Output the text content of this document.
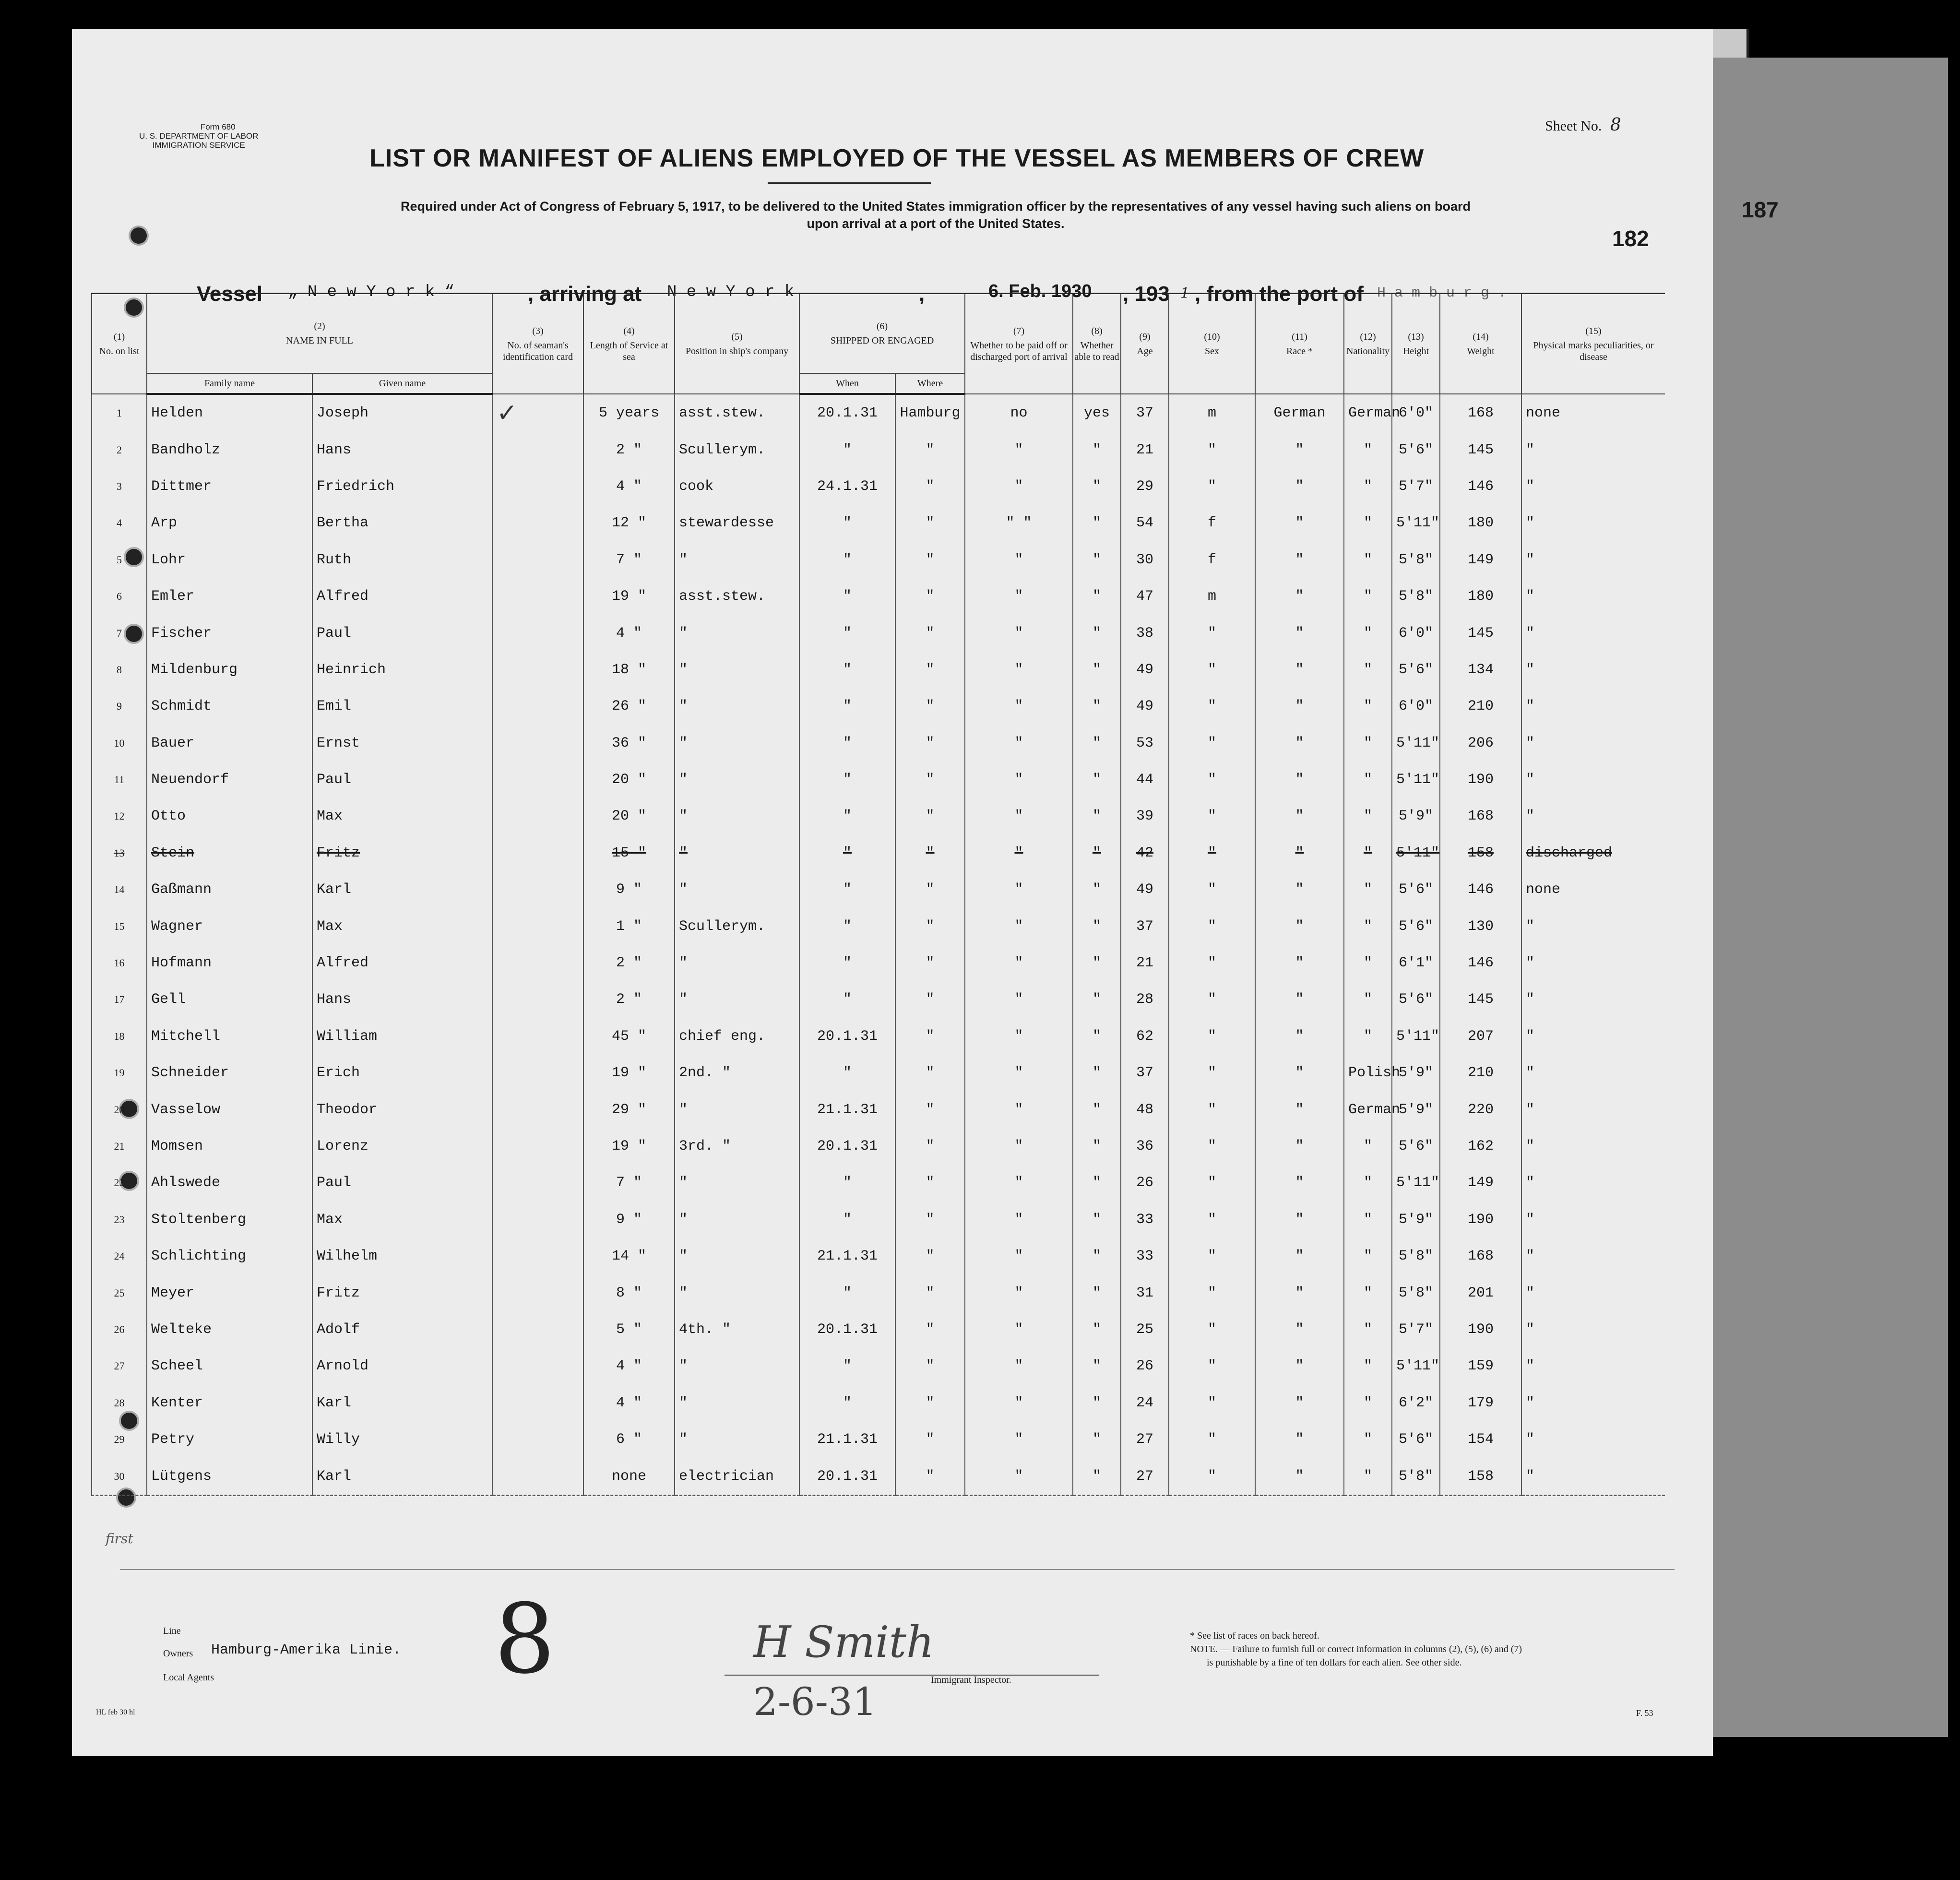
Form 680
U. S. DEPARTMENT OF LABOR
IMMIGRATION SERVICE
Sheet No. 8
LIST OR MANIFEST OF ALIENS EMPLOYED OF THE VESSEL AS MEMBERS OF CREW
Required under Act of Congress of February 5, 1917, to be delivered to the United States immigration officer by the representatives of any vessel having such aliens on board
upon arrival at a port of the United States.
182
187
Vessel „ N e w Y o r k “	, arriving at N e w Y o r k	,	6. Feb. 1930 , 193 1 , from the port of H a m b u r g .
first
Line
Owners Hamburg-Amerika Linie.
Local Agents	8	H Smith
Immigrant Inspector.
2-6-31
* See list of races on back hereof.
NOTE. — Failure to furnish full or correct information in columns (2), (5), (6) and (7)
is punishable by a fine of ten dollars for each alien. See other side.
HL feb 30 hl	F. 53
(1)
No. on list	(2)
NAME IN FULL		(3)
No. of seaman's identification card	(4)
Length of Service at sea	(5)
Position in ship's company	(6)
SHIPPED OR ENGAGED		(7)
Whether to be paid off or discharged port of arrival	(8)
Whether able to read	(9)
Age	(10)
Sex	(11)
Race *	(12)
Nationality	(13)
Height	(14)
Weight	(15)
Physical marks peculiarities, or disease
	Family name	Given name				When	Where									
1	Helden	Joseph	✓	5 years	asst.stew.	20.1.31	Hamburg	no	yes	37	m	German	German	6'0"	168	none
2	Bandholz	Hans		2 "	Scullerym.	"	"	"	"	21	"	"	"	5'6"	145	"
3	Dittmer	Friedrich		4 "	cook	24.1.31	"	"	"	29	"	"	"	5'7"	146	"
4	Arp	Bertha		12 "	stewardesse	"	"	" "	"	54	f	"	"	5'11"	180	"
5	Lohr	Ruth		7 "	"	"	"	"	"	30	f	"	"	5'8"	149	"
6	Emler	Alfred		19 "	asst.stew.	"	"	"	"	47	m	"	"	5'8"	180	"
7	Fischer	Paul		4 "	"	"	"	"	"	38	"	"	"	6'0"	145	"
8	Mildenburg	Heinrich		18 "	"	"	"	"	"	49	"	"	"	5'6"	134	"
9	Schmidt	Emil		26 "	"	"	"	"	"	49	"	"	"	6'0"	210	"
10	Bauer	Ernst		36 "	"	"	"	"	"	53	"	"	"	5'11"	206	"
11	Neuendorf	Paul		20 "	"	"	"	"	"	44	"	"	"	5'11"	190	"
12	Otto	Max		20 "	"	"	"	"	"	39	"	"	"	5'9"	168	"
13	Stein	Fritz		15 "	"	"	"	"	"	42	"	"	"	5'11"	158	discharged
14	Gaßmann	Karl		9 "	"	"	"	"	"	49	"	"	"	5'6"	146	none
15	Wagner	Max		1 "	Scullerym.	"	"	"	"	37	"	"	"	5'6"	130	"
16	Hofmann	Alfred		2 "	"	"	"	"	"	21	"	"	"	6'1"	146	"
17	Gell	Hans		2 "	"	"	"	"	"	28	"	"	"	5'6"	145	"
18	Mitchell	William		45 "	chief eng.	20.1.31	"	"	"	62	"	"	"	5'11"	207	"
19	Schneider	Erich		19 "	2nd. "	"	"	"	"	37	"	"	Polish	5'9"	210	"
20	Vasselow	Theodor		29 "	"	21.1.31	"	"	"	48	"	"	German	5'9"	220	"
21	Momsen	Lorenz		19 "	3rd. "	20.1.31	"	"	"	36	"	"	"	5'6"	162	"
22	Ahlswede	Paul		7 "	"	"	"	"	"	26	"	"	"	5'11"	149	"
23	Stoltenberg	Max		9 "	"	"	"	"	"	33	"	"	"	5'9"	190	"
24	Schlichting	Wilhelm		14 "	"	21.1.31	"	"	"	33	"	"	"	5'8"	168	"
25	Meyer	Fritz		8 "	"	"	"	"	"	31	"	"	"	5'8"	201	"
26	Welteke	Adolf		5 "	4th. "	20.1.31	"	"	"	25	"	"	"	5'7"	190	"
27	Scheel	Arnold		4 "	"	"	"	"	"	26	"	"	"	5'11"	159	"
28	Kenter	Karl		4 "	"	"	"	"	"	24	"	"	"	6'2"	179	"
29	Petry	Willy		6 "	"	21.1.31	"	"	"	27	"	"	"	5'6"	154	"
30	Lütgens	Karl		none	electrician	20.1.31	"	"	"	27	"	"	"	5'8"	158	"
